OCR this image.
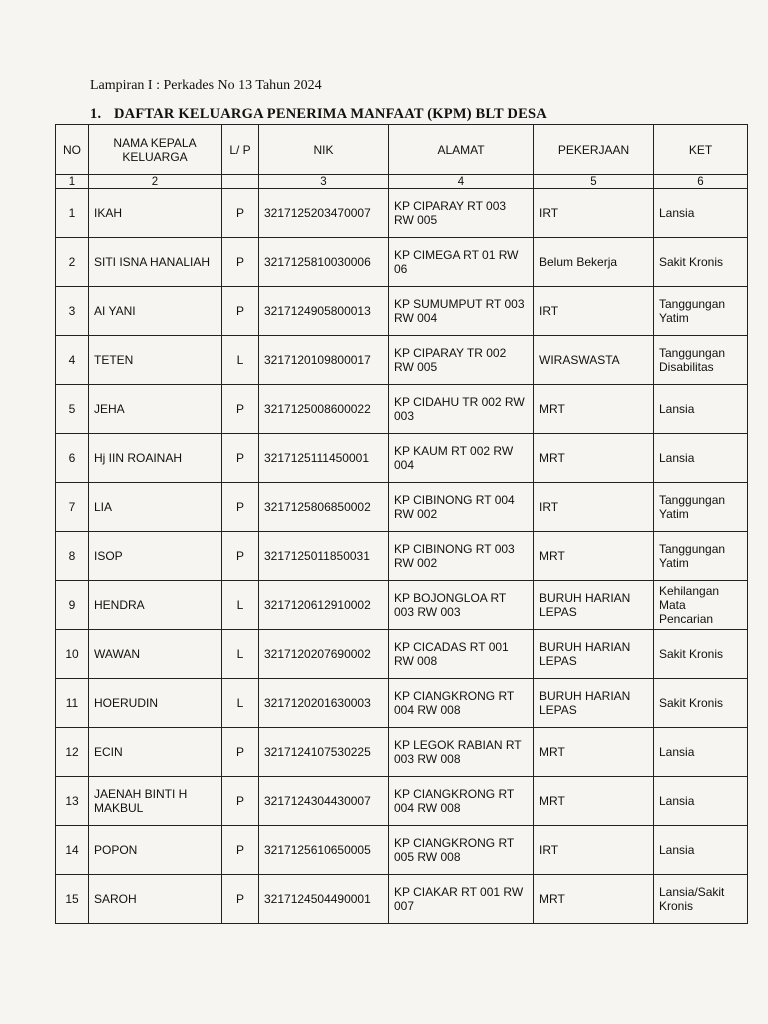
Lampiran I : Perkades No 13 Tahun 2024
1. DAFTAR KELUARGA PENERIMA MANFAAT (KPM) BLT DESA
NO	NAMA KEPALA KELUARGA	L/ P	NIK	ALAMAT	PEKERJAAN	KET
1	2		3	4	5	6
1	IKAH	P	3217125203470007	KP CIPARAY RT 003 RW 005	IRT	Lansia
2	SITI ISNA HANALIAH	P	3217125810030006	KP CIMEGA RT 01 RW 06	Belum Bekerja	Sakit Kronis
3	AI YANI	P	3217124905800013	KP SUMUMPUT RT 003 RW 004	IRT	Tanggungan Yatim
4	TETEN	L	3217120109800017	KP CIPARAY TR 002 RW 005	WIRASWASTA	Tanggungan Disabilitas
5	JEHA	P	3217125008600022	KP CIDAHU TR 002 RW 003	MRT	Lansia
6	Hj IIN ROAINAH	P	3217125111450001	KP KAUM RT 002 RW 004	MRT	Lansia
7	LIA	P	3217125806850002	KP CIBINONG RT 004 RW 002	IRT	Tanggungan Yatim
8	ISOP	P	3217125011850031	KP CIBINONG RT 003 RW 002	MRT	Tanggungan Yatim
9	HENDRA	L	3217120612910002	KP BOJONGLOA RT 003 RW 003	BURUH HARIAN LEPAS	Kehilangan Mata Pencarian
10	WAWAN	L	3217120207690002	KP CICADAS RT 001 RW 008	BURUH HARIAN LEPAS	Sakit Kronis
11	HOERUDIN	L	3217120201630003	KP CIANGKRONG RT 004 RW 008	BURUH HARIAN LEPAS	Sakit Kronis
12	ECIN	P	3217124107530225	KP LEGOK RABIAN RT 003 RW 008	MRT	Lansia
13	JAENAH BINTI H MAKBUL	P	3217124304430007	KP CIANGKRONG RT 004 RW 008	MRT	Lansia
14	POPON	P	3217125610650005	KP CIANGKRONG RT 005 RW 008	IRT	Lansia
15	SAROH	P	3217124504490001	KP CIAKAR RT 001 RW 007	MRT	Lansia/Sakit Kronis
